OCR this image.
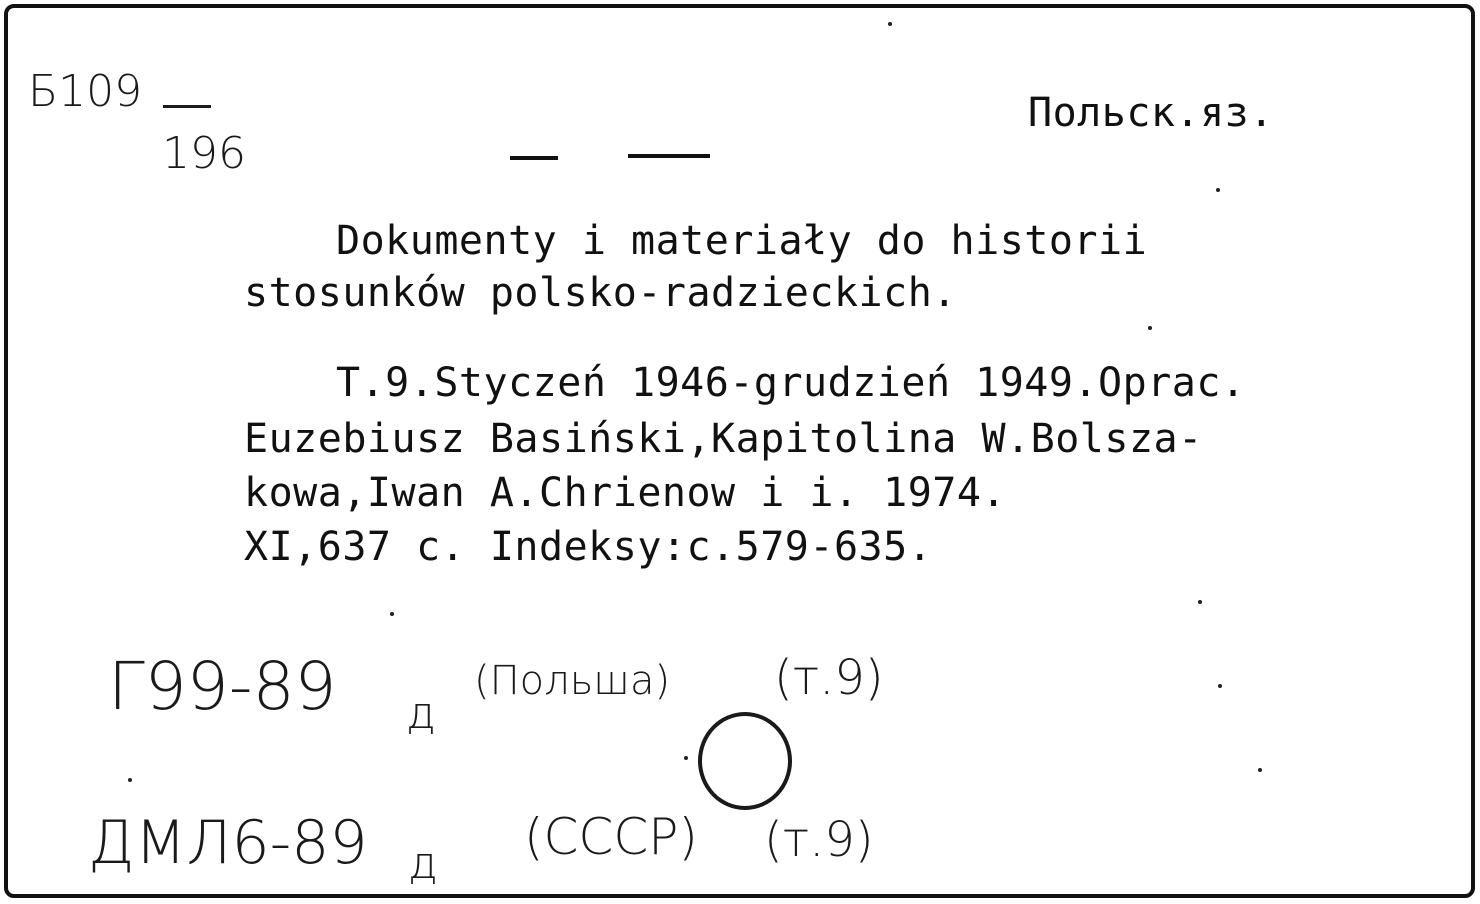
Б109
196
Польск.яз.
Dokumenty i materiały do historii
stosunków polsko-radzieckich.
T.9.Styczeń 1946-grudzień 1949.Oprac.
Euzebiusz Basiński,Kapitolina W.Bolsza-
kowa,Iwan A.Chrienow i i. 1974.
XI,637 c. Indeksy:c.579-635.
Г99-89 д
(Польша) (т.9)
ДМЛ6-89 д (СССР) (т.9)
